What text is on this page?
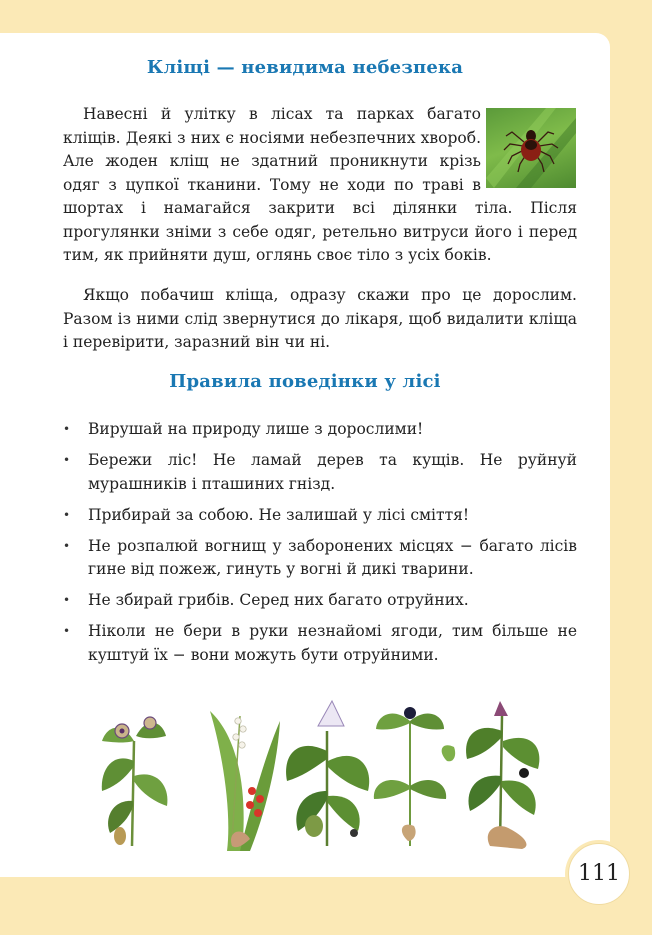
Кліщі — невидима небезпека
Навесні й улітку в лісах та парках багато кліщів. Деякі з них є носіями небезпечних хвороб. Але жоден кліщ не здатний проникнути крізь одяг з цупкої тканини. Тому не ходи по траві в шортах і намагайся закрити всі ділянки тіла. Після прогулянки зніми з себе одяг, ретельно витруси його і перед тим, як прийняти душ, оглянь своє тіло з усіх боків.
Якщо побачиш кліща, одразу скажи про це дорослим. Разом із ними слід звернутися до лікаря, щоб видалити кліща і перевірити, заразний він чи ні.
Правила поведінки у лісі
• Вирушай на природу лише з дорослими!
• Бережи ліс! Не ламай дерев та кущів. Не руйнуй мурашників і пташиних гнізд.
• Прибирай за собою. Не залишай у лісі сміття!
• Не розпалюй вогнищ у заборонених місцях − багато лісів гине від пожеж, гинуть у вогні й дикі тварини.
• Не збирай грибів. Серед них багато отруйних.
• Ніколи не бери в руки незнайомі ягоди, тим більше не куштуй їх − вони можуть бути отруйними.
111
